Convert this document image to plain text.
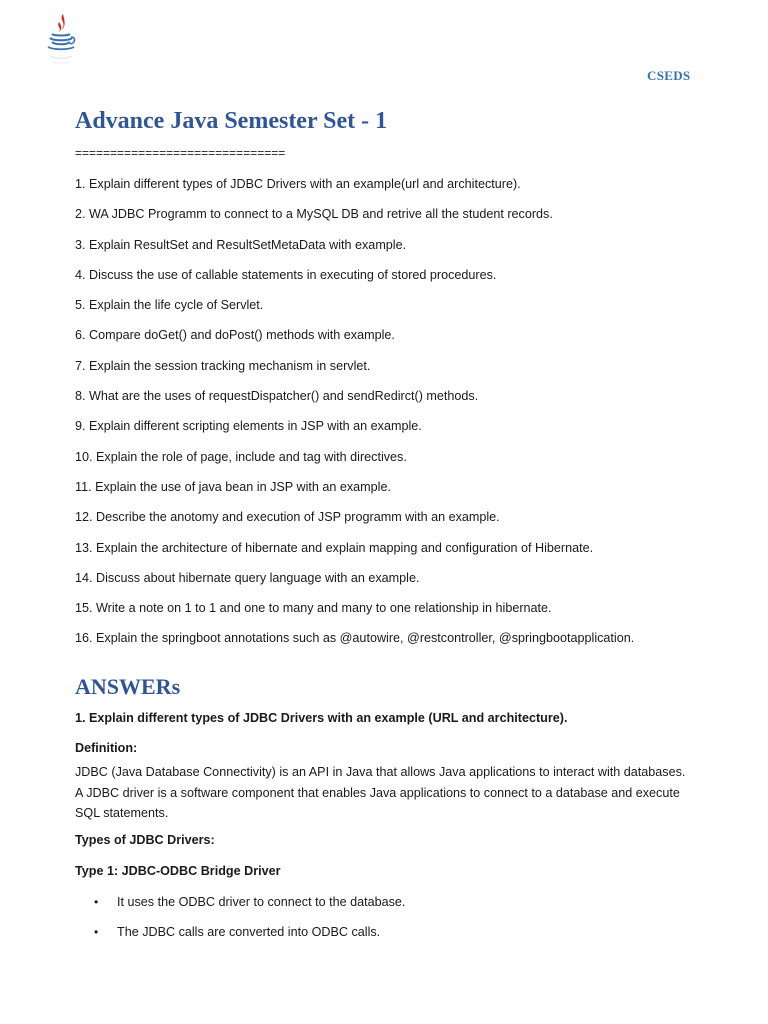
CSEDS
Advance Java Semester Set - 1
==============================
1. Explain different types of JDBC Drivers with an example(url and architecture).
2. WA JDBC Programm to connect to a MySQL DB and retrive all the student records.
3. Explain ResultSet and ResultSetMetaData with example.
4. Discuss the use of callable statements in executing of stored procedures.
5. Explain the life cycle of Servlet.
6. Compare doGet() and doPost() methods with example.
7. Explain the session tracking mechanism in servlet.
8. What are the uses of requestDispatcher() and sendRedirct() methods.
9. Explain different scripting elements in JSP with an example.
10. Explain the role of page, include and tag with directives.
11. Explain the use of java bean in JSP with an example.
12. Describe the anotomy and execution of JSP programm with an example.
13. Explain the architecture of hibernate and explain mapping and configuration of Hibernate.
14. Discuss about hibernate query language with an example.
15. Write a note on 1 to 1 and one to many and many to one relationship in hibernate.
16. Explain the springboot annotations such as @autowire, @restcontroller, @springbootapplication.
ANSWERs
1. Explain different types of JDBC Drivers with an example (URL and architecture).
Definition:

JDBC (Java Database Connectivity) is an API in Java that allows Java applications to interact with databases.

A JDBC driver is a software component that enables Java applications to connect to a database and execute

SQL statements.

Types of JDBC Drivers:
Type 1: JDBC-ODBC Bridge Driver
• It uses the ODBC driver to connect to the database.
• The JDBC calls are converted into ODBC calls.
